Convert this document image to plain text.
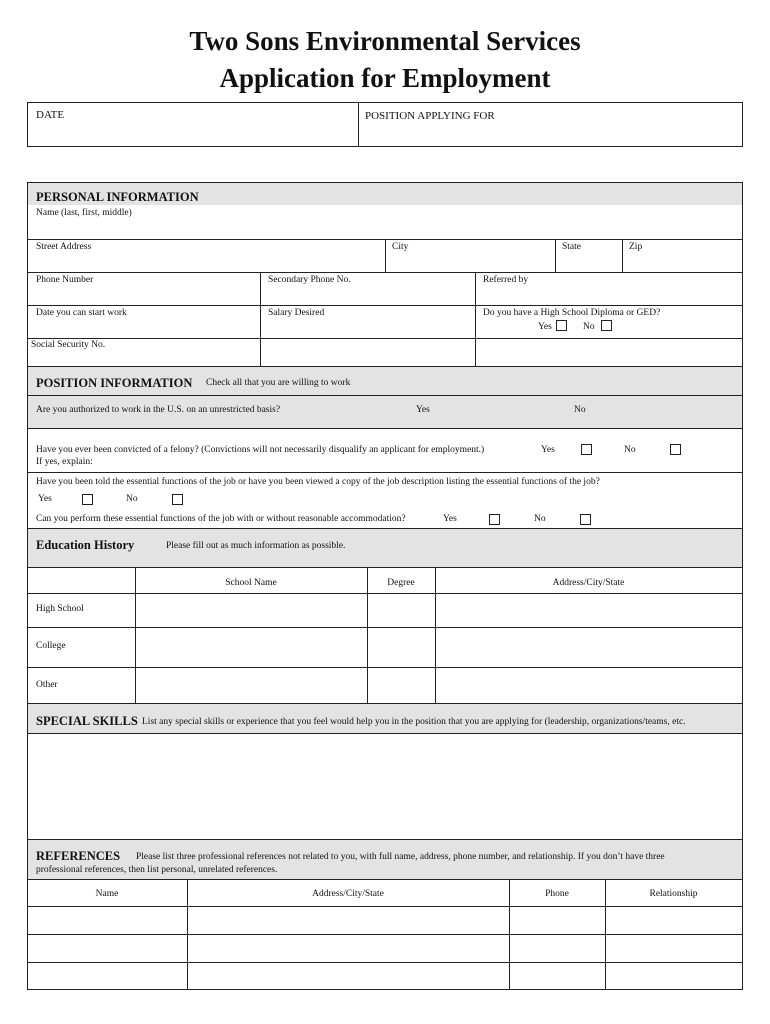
Two Sons Environmental Services
Application for Employment
DATE	POSITION APPLYING FOR
PERSONAL INFORMATION
Name (last, first, middle)
Street Address	City	State	Zip
Phone Number	Secondary Phone No.	Referred by
Date you can start work	Salary Desired	Do you have a High School Diploma or GED?
Yes	No
Social Security No.
POSITION INFORMATION Check all that you are willing to work
Are you authorized to work in the U.S. on an unrestricted basis?	Yes	No
Have you ever been convicted of a felony? (Convictions will not necessarily disqualify an applicant for employment.)	Yes	No
If yes, explain:
Have you been told the essential functions of the job or have you been viewed a copy of the job description listing the essential functions of the job?
Yes	No
Can you perform these essential functions of the job with or without reasonable accommodation?	Yes	No
Education History	Please fill out as much information as possible.
School Name	Degree	Address/City/State
High School
College
Other
SPECIAL SKILLS List any special skills or experience that you feel would help you in the position that you are applying for (leadership, organizations/teams, etc.
REFERENCES Please list three professional references not related to you, with full name, address, phone number, and relationship. If you don’t have three
professional references, then list personal, unrelated references.
Name	Address/City/State	Phone	Relationship
